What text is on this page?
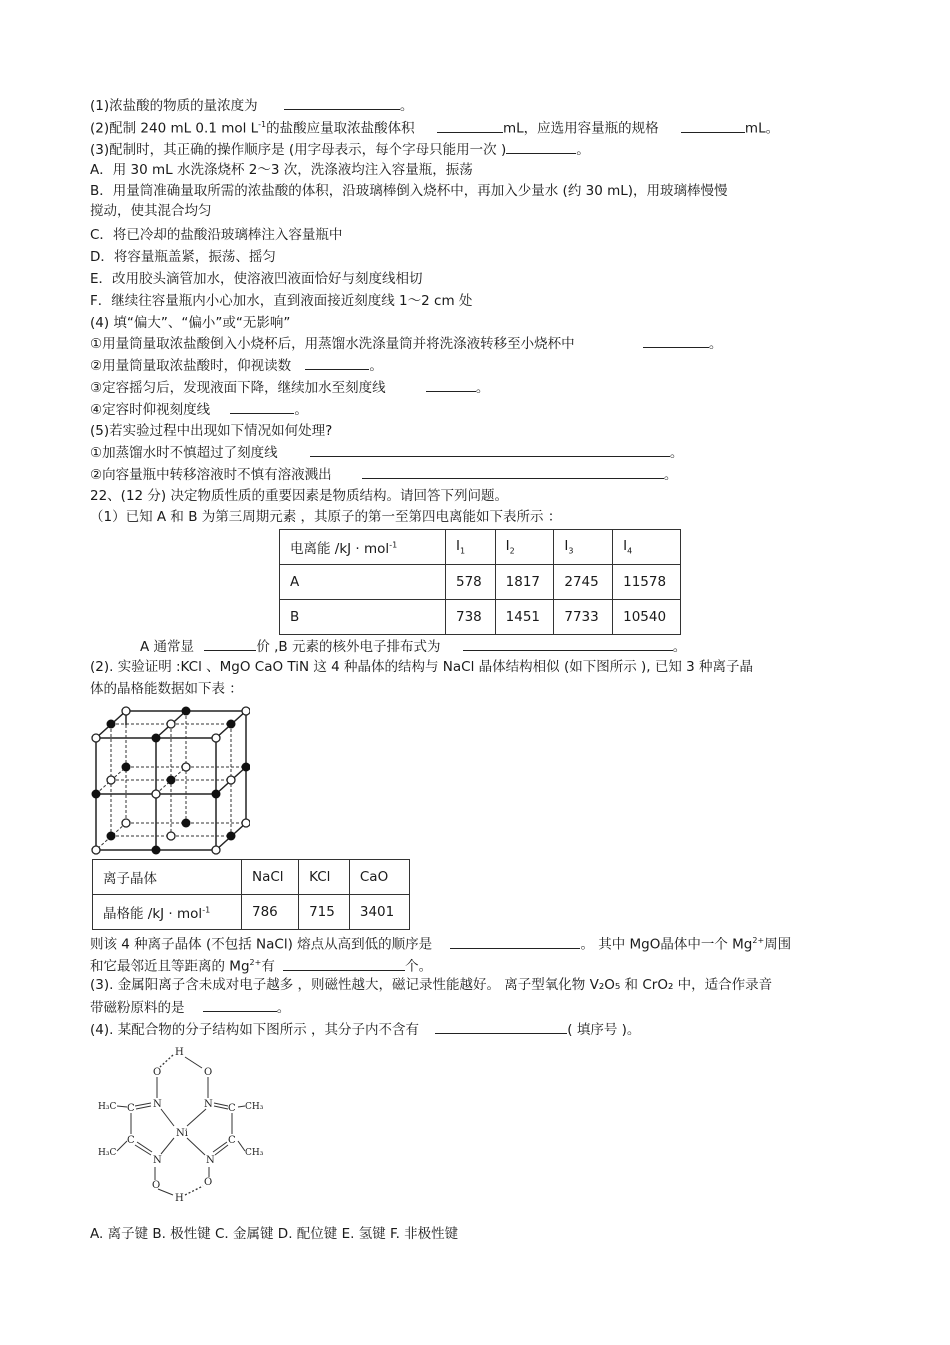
(1)浓盐酸的物质的量浓度为	。
(2)配制 240 mL 0.1 mol $L^{-1}$的盐酸应量取浓盐酸体积	mL，应选用容量瓶的规格	mL。
(3)配制时，其正确的操作顺序是 (用字母表示，每个字母只能用一次 )	。
A．用 30 mL 水洗涤烧杯 2～3 次，洗涤液均注入容量瓶，振荡
B．用量筒准确量取所需的浓盐酸的体积，沿玻璃棒倒入烧杯中，再加入少量水 (约 30 mL)，用玻璃棒慢慢
搅动，使其混合均匀
C．将已冷却的盐酸沿玻璃棒注入容量瓶中
D．将容量瓶盖紧，振荡、摇匀
E．改用胶头滴管加水，使溶液凹液面恰好与刻度线相切
F．继续往容量瓶内小心加水，直到液面接近刻度线 1～2 cm 处
(4) 填“偏大”、“偏小”或“无影响”
①用量筒量取浓盐酸倒入小烧杯后，用蒸馏水洗涤量筒并将洗涤液转移至小烧杯中	。
②用量筒量取浓盐酸时，仰视读数	。
③定容摇匀后，发现液面下降，继续加水至刻度线	。
④定容时仰视刻度线	。
(5)若实验过程中出现如下情况如何处理?
①加蒸馏水时不慎超过了刻度线	。
②向容量瓶中转移溶液时不慎有溶液溅出	。
22、(12 分) 决定物质性质的重要因素是物质结构。请回答下列问题。
（1）已知 A 和 B 为第三周期元素 ，其原子的第一至第四电离能如下表所示 ：
电离能 /kJ · mol$^{-1}$	$I_1$	$I_2$	$I_3$	$I_4$
A	578	1817	2745	11578
B	738	1451	7733	10540
A 通常显	价 ,B 元素的核外电子排布式为	。
(2). 实验证明 :KCl 、MgO CaO TiN 这 4 种晶体的结构与 NaCl 晶体结构相似 (如下图所示 ), 已知 3 种离子晶
体的晶格能数据如下表 ：
离子晶体	NaCl	KCl	CaO
晶格能 /kJ · mol$^{-1}$	786	715	3401
则该 4 种离子晶体 (不包括 NaCl) 熔点从高到低的顺序是	。 其中 MgO晶体中一个 $Mg^{2+}$周围
和它最邻近且等距离的 $Mg^{2+}$有	个。
(3). 金属阳离子含未成对电子越多 ，则磁性越大，磁记录性能越好。 离子型氧化物 V₂O₅ 和 CrO₂ 中，适合作录音
带磁粉原料的是	。
(4). 某配合物的分子结构如下图所示 ，其分子内不含有	( 填序号 )。
H
O	O
N	N
N	N
Ni
O	O
H
H₃C C	C CH₃
H₃C
C	C
CH₃
A. 离子键 B. 极性键 C. 金属键 D. 配位键 E. 氢键 F. 非极性键
